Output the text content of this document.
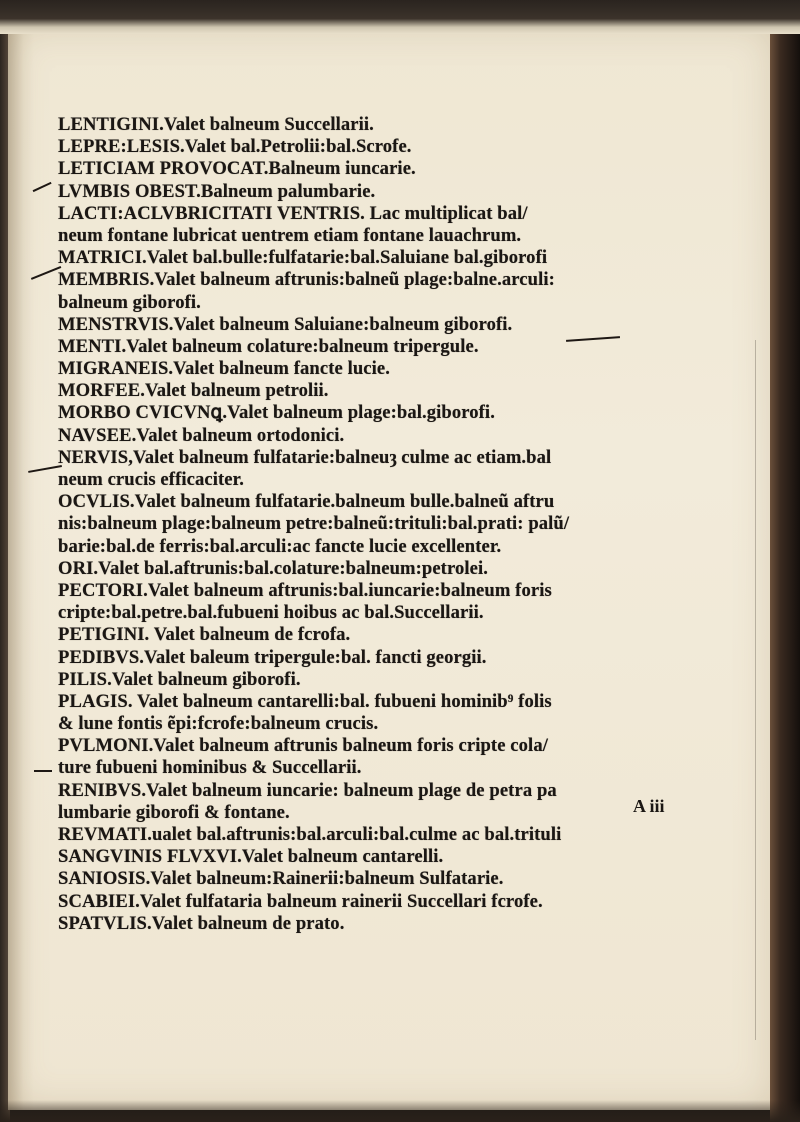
LENTIGINI.Valet balneum Succellarii.
LEPRE:LESIS.Valet bal.Petrolii:bal.Scrofe.
LETICIAM PROVOCAT.Balneum iuncarie.
LVMBIS OBEST.Balneum palumbarie.
LACTI:ACLVBRICITATI VENTRIS. Lac multiplicat bal/
neum fontane lubricat uentrem etiam fontane lauachrum.
MATRICI.Valet bal.bulle:fulfatarie:bal.Saluiane bal.giborofi
MEMBRIS.Valet balneum aftrunis:balneũ plage:balne.arculi:
balneum giborofi.
MENSTRVIS.Valet balneum Saluiane:balneum giborofi.
MENTI.Valet balneum colature:balneum tripergule.
MIGRANEIS.Valet balneum fancte lucie.
MORFEE.Valet balneum petrolii.
MORBO CVICVNꝗ.Valet balneum plage:bal.giborofi.
NAVSEE.Valet balneum ortodonici.
NERVIS,Valet balneum fulfatarie:balneuȝ culme ac etiam.bal
neum crucis efficaciter.
OCVLIS.Valet balneum fulfatarie.balneum bulle.balneũ aftru
nis:balneum plage:balneum petre:balneũ:trituli:bal.prati: palũ/
barie:bal.de ferris:bal.arculi:ac fancte lucie excellenter.
ORI.Valet bal.aftrunis:bal.colature:balneum:petrolei.
PECTORI.Valet balneum aftrunis:bal.iuncarie:balneum foris
cripte:bal.petre.bal.fubueni hoibus ac bal.Succellarii.
PETIGINI. Valet balneum de fcrofa.
PEDIBVS.Valet baleum tripergule:bal. fancti georgii.
PILIS.Valet balneum giborofi.
PLAGIS. Valet balneum cantarelli:bal. fubueni hominib⁹ folis
& lune fontis ẽpi:fcrofe:balneum crucis.
PVLMONI.Valet balneum aftrunis balneum foris cripte cola/
ture fubueni hominibus & Succellarii.
RENIBVS.Valet balneum iuncarie: balneum plage de petra pa
lumbarie giborofi & fontane.
REVMATI.ualet bal.aftrunis:bal.arculi:bal.culme ac bal.trituli
SANGVINIS FLVXVI.Valet balneum cantarelli.
SANIOSIS.Valet balneum:Rainerii:balneum Sulfatarie.
SCABIEI.Valet fulfataria balneum rainerii Succellari fcrofe.
SPATVLIS.Valet balneum de prato.
A iii
